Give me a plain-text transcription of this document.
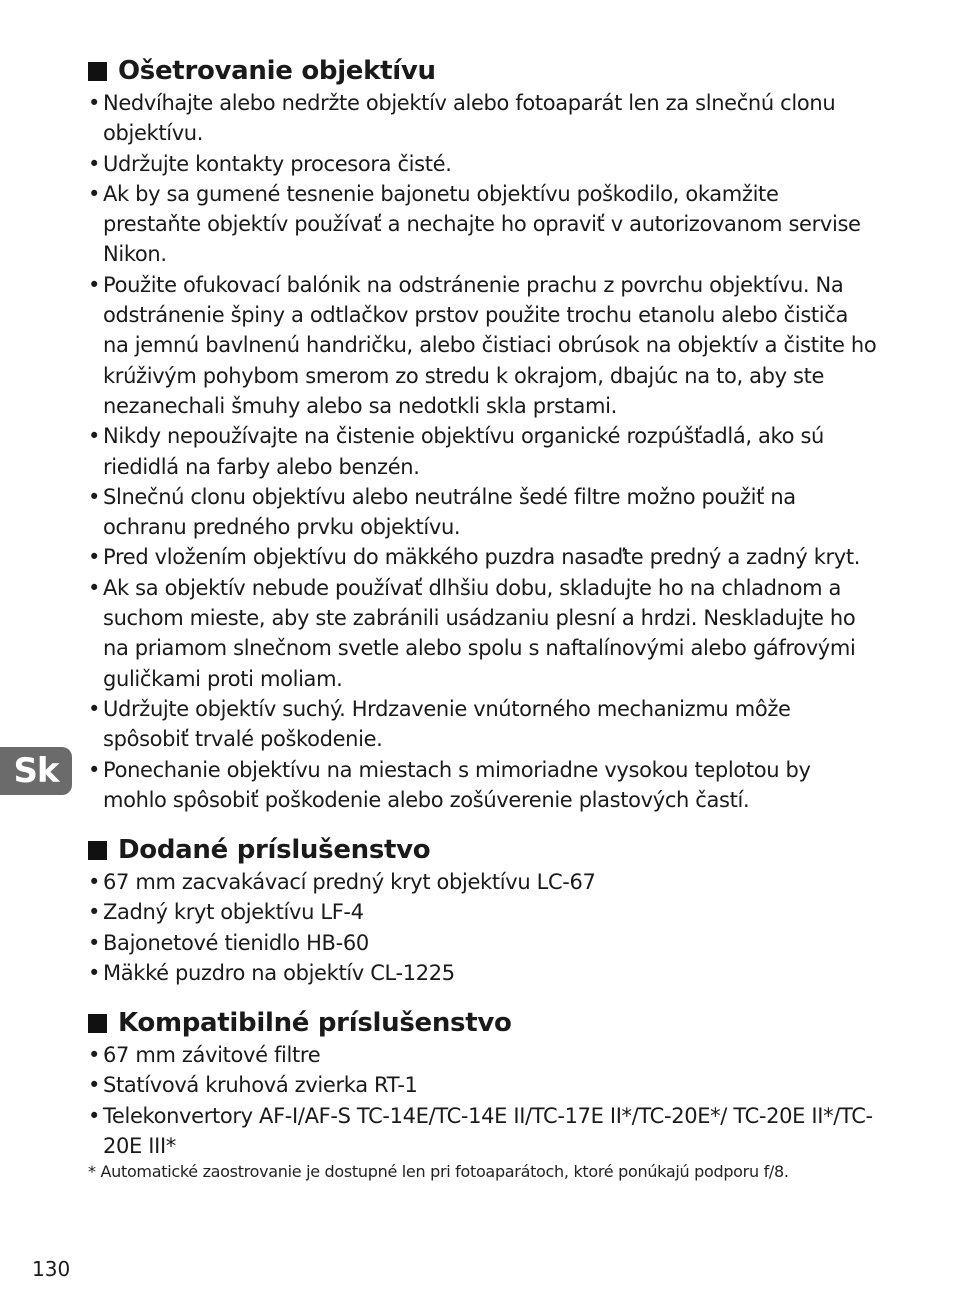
Ošetrovanie objektívu
• Nedvíhajte alebo nedržte objektív alebo fotoaparát len za slnečnú clonu objektívu.
• Udržujte kontakty procesora čisté.
• Ak by sa gumené tesnenie bajonetu objektívu poškodilo, okamžite prestaňte objektív používať a nechajte ho opraviť v autorizovanom servise Nikon.
• Použite ofukovací balónik na odstránenie prachu z povrchu objektívu. Na odstránenie špiny a odtlačkov prstov použite trochu etanolu alebo čističa na jemnú bavlnenú handričku, alebo čistiaci obrúsok na objektív a čistite ho krúživým pohybom smerom zo stredu k okrajom, dbajúc na to, aby ste nezanechali šmuhy alebo sa nedotkli skla prstami.
• Nikdy nepoužívajte na čistenie objektívu organické rozpúšťadlá, ako sú riedidlá na farby alebo benzén.
• Slnečnú clonu objektívu alebo neutrálne šedé filtre možno použiť na ochranu predného prvku objektívu.
• Pred vložením objektívu do mäkkého puzdra nasaďte predný a zadný kryt.
• Ak sa objektív nebude používať dlhšiu dobu, skladujte ho na chladnom a suchom mieste, aby ste zabránili usádzaniu plesní a hrdzi. Neskladujte ho na priamom slnečnom svetle alebo spolu s naftalínovými alebo gáfrovými guličkami proti moliam.
• Udržujte objektív suchý. Hrdzavenie vnútorného mechanizmu môže spôsobiť trvalé poškodenie.
• Ponechanie objektívu na miestach s mimoriadne vysokou teplotou by mohlo spôsobiť poškodenie alebo zošúverenie plastových častí.
Dodané príslušenstvo
• 67 mm zacvakávací predný kryt objektívu LC-67
• Zadný kryt objektívu LF-4
• Bajonetové tienidlo HB-60
• Mäkké puzdro na objektív CL-1225
Kompatibilné príslušenstvo
• 67 mm závitové filtre
• Statívová kruhová zvierka RT-1
• Telekonvertory AF-I/AF-S TC-14E/TC-14E II/TC-17E II*/TC-20E*/ TC-20E II*/TC-20E III*
* Automatické zaostrovanie je dostupné len pri fotoaparátoch, ktoré ponúkajú podporu f/8.
Sk
130
